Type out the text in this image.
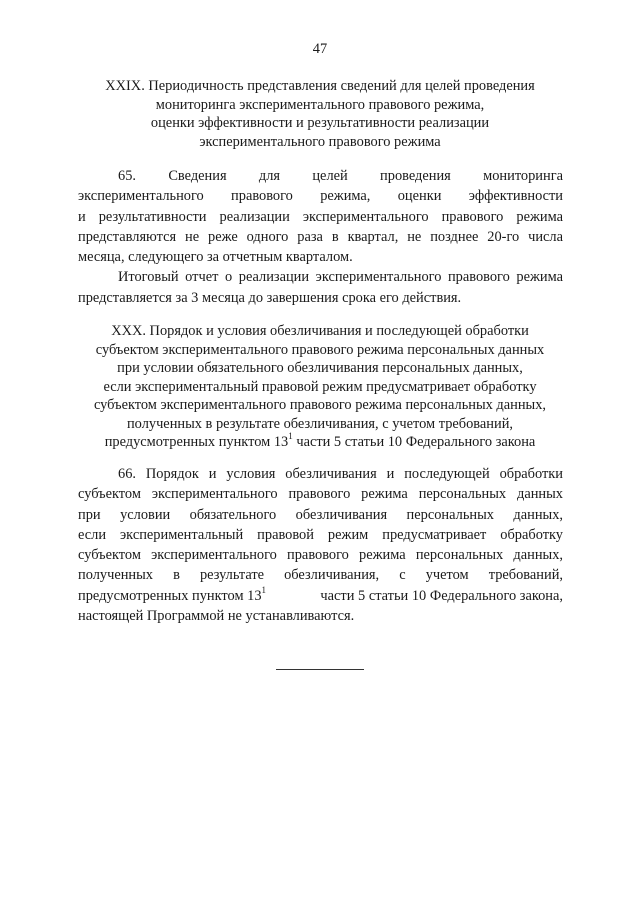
47
XXIX. Периодичность представления сведений для целей проведения
мониторинга экспериментального правового режима,
оценки эффективности и результативности реализации
экспериментального правового режима
65. Сведения для целей проведения мониторинга
экспериментального правового режима, оценки эффективности
и результативности реализации экспериментального правового режима
представляются не реже одного раза в квартал, не позднее 20-го числа
месяца, следующего за отчетным кварталом.
Итоговый отчет о реализации экспериментального правового режима
представляется за 3 месяца до завершения срока его действия.
XXX. Порядок и условия обезличивания и последующей обработки
субъектом экспериментального правового режима персональных данных
при условии обязательного обезличивания персональных данных,
если экспериментальный правовой режим предусматривает обработку
субъектом экспериментального правового режима персональных данных,
полученных в результате обезличивания, с учетом требований,
предусмотренных пунктом $13^1$ части 5 статьи 10 Федерального закона
66. Порядок и условия обезличивания и последующей обработки
субъектом экспериментального правового режима персональных данных
при условии обязательного обезличивания персональных данных,
если экспериментальный правовой режим предусматривает обработку
субъектом экспериментального правового режима персональных данных,
полученных в результате обезличивания, с учетом требований,
предусмотренных пунктом $13^1$	части 5 статьи 10 Федерального закона,
настоящей Программой не устанавливаются.
